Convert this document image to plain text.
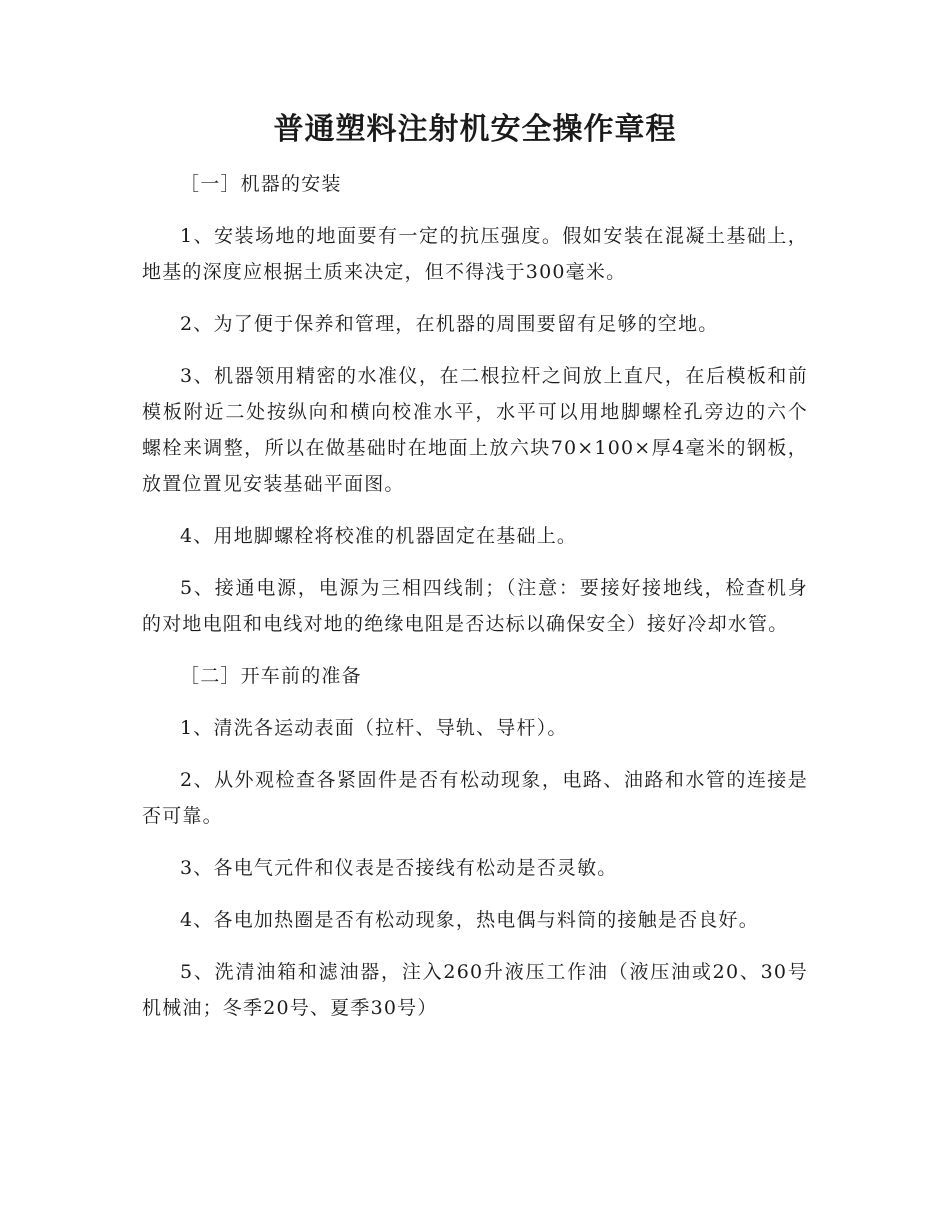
普通塑料注射机安全操作章程

［一］机器的安装

1、安装场地的地面要有一定的抗压强度。假如安装在混凝土基础上，地基的深度应根据土质来决定，但不得浅于300毫米。

2、为了便于保养和管理，在机器的周围要留有足够的空地。

3、机器领用精密的水准仪，在二根拉杆之间放上直尺，在后模板和前模板附近二处按纵向和横向校准水平，水平可以用地脚螺栓孔旁边的六个螺栓来调整，所以在做基础时在地面上放六块70×100×厚4毫米的钢板，放置位置见安装基础平面图。

4、用地脚螺栓将校准的机器固定在基础上。

5、接通电源，电源为三相四线制；（注意：要接好接地线，检查机身的对地电阻和电线对地的绝缘电阻是否达标以确保安全）接好冷却水管。

［二］开车前的准备

1、清洗各运动表面（拉杆、导轨、导杆）。

2、从外观检查各紧固件是否有松动现象，电路、油路和水管的连接是否可靠。

3、各电气元件和仪表是否接线有松动是否灵敏。

4、各电加热圈是否有松动现象，热电偶与料筒的接触是否良好。

5、洗清油箱和滤油器，注入260升液压工作油（液压油或20、30号机械油；冬季20号、夏季30号）
